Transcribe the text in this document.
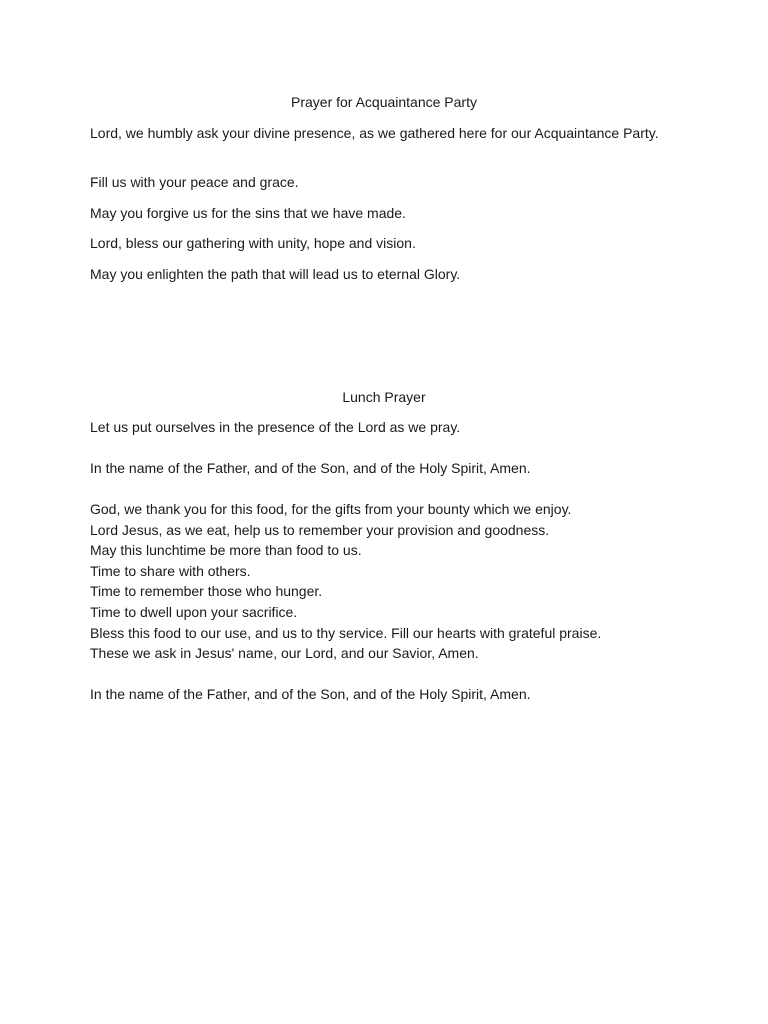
Prayer for Acquaintance Party
Lord, we humbly ask your divine presence, as we gathered here for our Acquaintance Party.
Fill us with your peace and grace.
May you forgive us for the sins that we have made.
Lord, bless our gathering with unity, hope and vision.
May you enlighten the path that will lead us to eternal Glory.
Lunch Prayer
Let us put ourselves in the presence of the Lord as we pray.
In the name of the Father, and of the Son, and of the Holy Spirit, Amen.
God, we thank you for this food, for the gifts from your bounty which we enjoy.
Lord Jesus, as we eat, help us to remember your provision and goodness.
May this lunchtime be more than food to us.
Time to share with others.
Time to remember those who hunger.
Time to dwell upon your sacrifice.
Bless this food to our use, and us to thy service. Fill our hearts with grateful praise.
These we ask in Jesus' name, our Lord, and our Savior, Amen.
In the name of the Father, and of the Son, and of the Holy Spirit, Amen.
